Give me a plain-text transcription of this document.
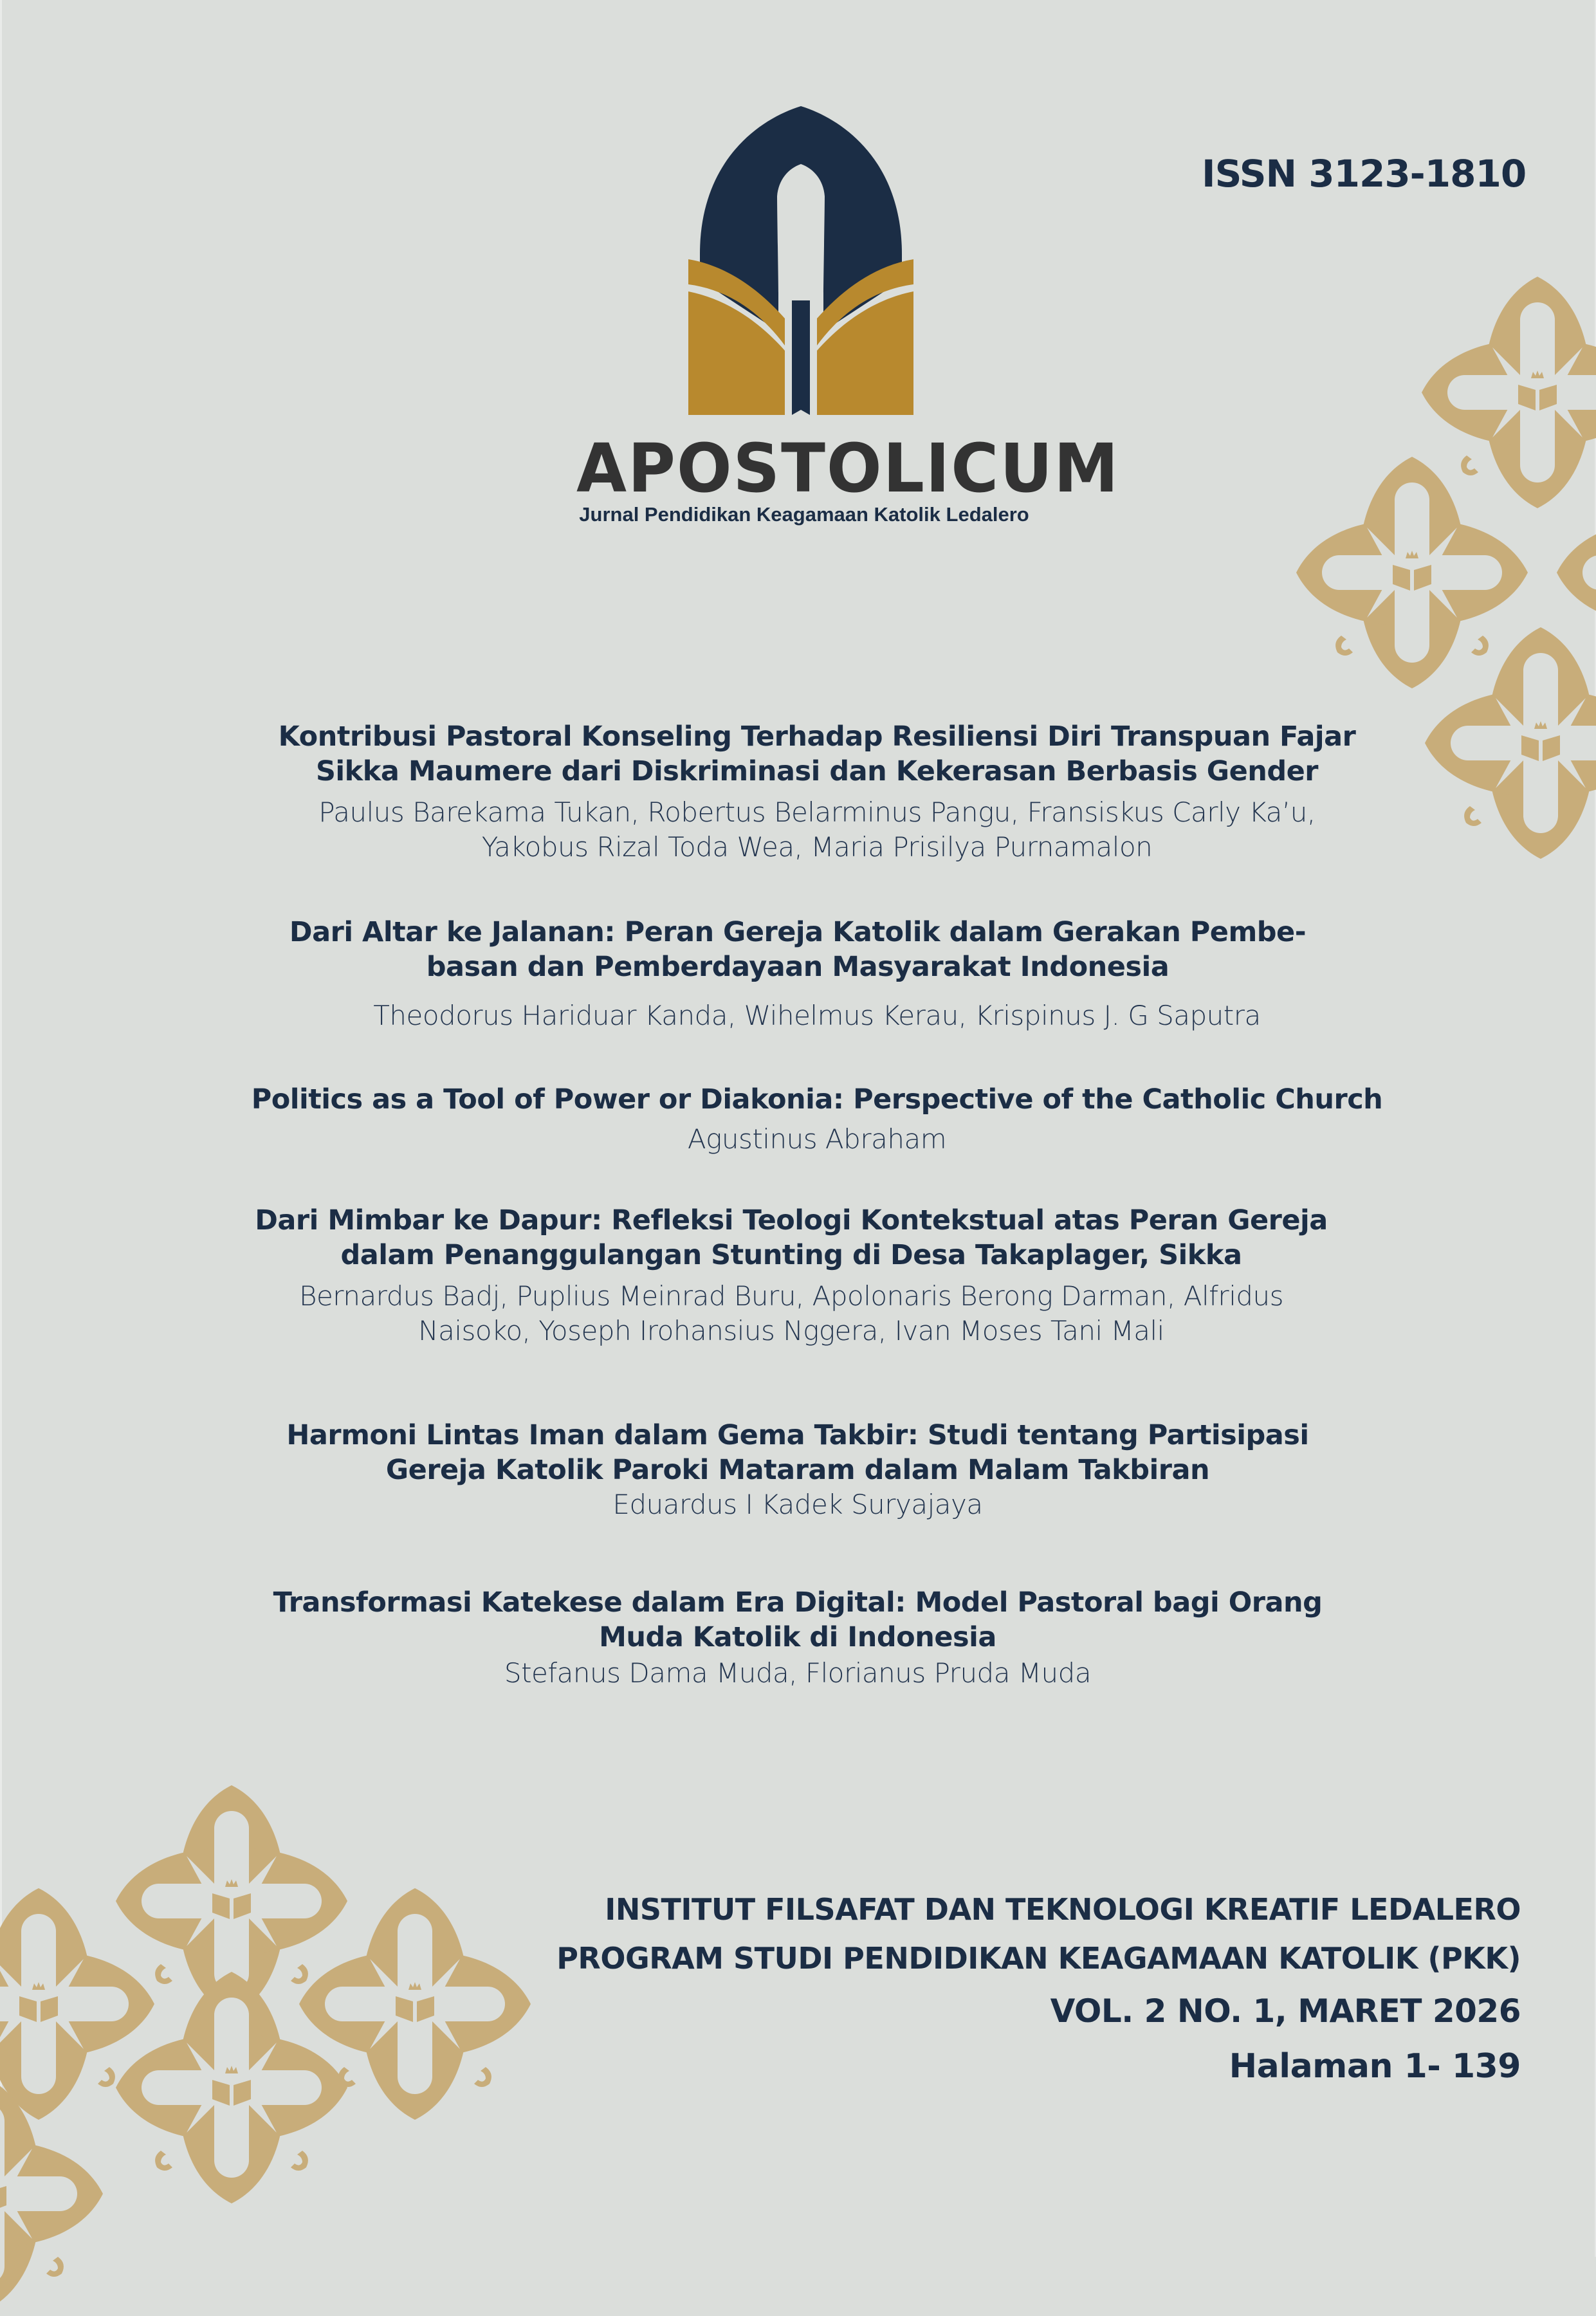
APOSTOLICUM
Jurnal Pendidikan Keagamaan Katolik Ledalero
ISSN 3123-1810
Kontribusi Pastoral Konseling Terhadap Resiliensi Diri Transpuan Fajar
Sikka Maumere dari Diskriminasi dan Kekerasan Berbasis Gender
Paulus Barekama Tukan, Robertus Belarminus Pangu, Fransiskus Carly Ka’u,
Yakobus Rizal Toda Wea, Maria Prisilya Purnamalon
Dari Altar ke Jalanan: Peran Gereja Katolik dalam Gerakan Pembe-
basan dan Pemberdayaan Masyarakat Indonesia
Theodorus Hariduar Kanda, Wihelmus Kerau, Krispinus J. G Saputra
Politics as a Tool of Power or Diakonia: Perspective of the Catholic Church
Agustinus Abraham
Dari Mimbar ke Dapur: Refleksi Teologi Kontekstual atas Peran Gereja
dalam Penanggulangan Stunting di Desa Takaplager, Sikka
Bernardus Badj, Puplius Meinrad Buru, Apolonaris Berong Darman, Alfridus
Naisoko, Yoseph Irohansius Nggera, Ivan Moses Tani Mali
Harmoni Lintas Iman dalam Gema Takbir: Studi tentang Partisipasi
Gereja Katolik Paroki Mataram dalam Malam Takbiran
Eduardus I Kadek Suryajaya
Transformasi Katekese dalam Era Digital: Model Pastoral bagi Orang
Muda Katolik di Indonesia
Stefanus Dama Muda, Florianus Pruda Muda
INSTITUT FILSAFAT DAN TEKNOLOGI KREATIF LEDALERO
PROGRAM STUDI PENDIDIKAN KEAGAMAAN KATOLIK (PKK)
VOL. 2 NO. 1, MARET 2026
Halaman 1- 139
